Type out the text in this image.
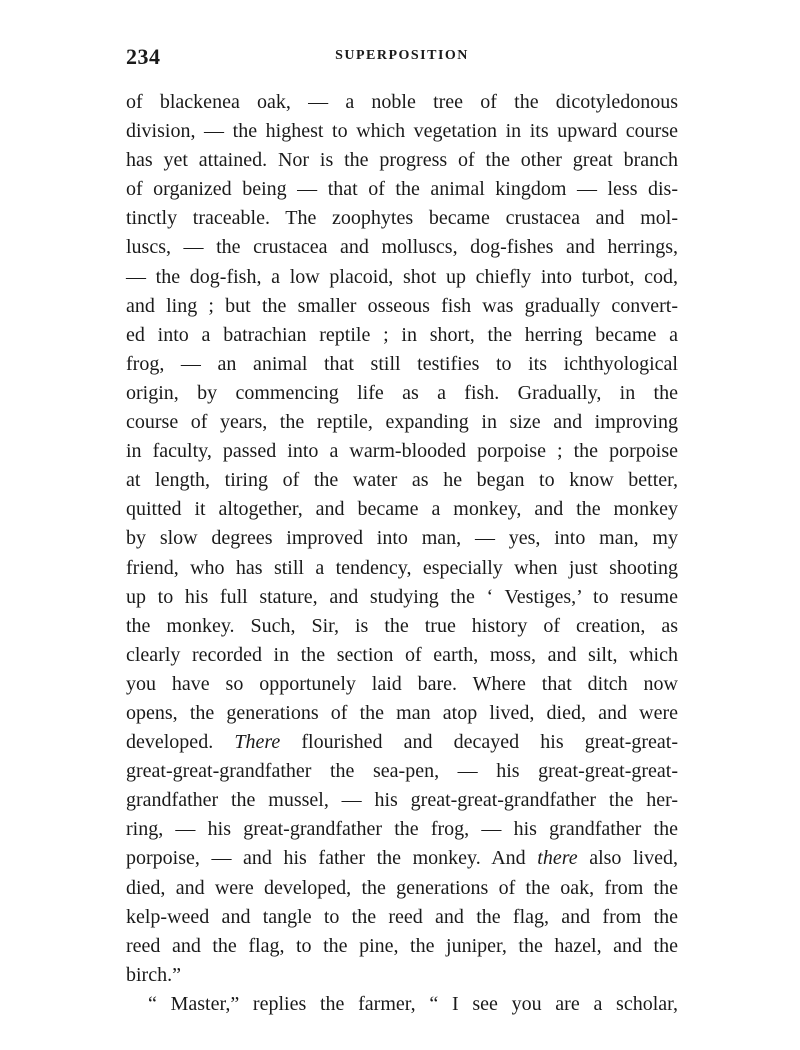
234	SUPERPOSITION
of blackenea oak, — a noble tree of the dicotyledonous
division, — the highest to which vegetation in its upward course
has yet attained. Nor is the progress of the other great branch
of organized being — that of the animal kingdom — less dis-
tinctly traceable. The zoophytes became crustacea and mol-
luscs, — the crustacea and molluscs, dog-fishes and herrings,
— the dog-fish, a low placoid, shot up chiefly into turbot, cod,
and ling ; but the smaller osseous fish was gradually convert-
ed into a batrachian reptile ; in short, the herring became a
frog, — an animal that still testifies to its ichthyological
origin, by commencing life as a fish. Gradually, in the
course of years, the reptile, expanding in size and improving
in faculty, passed into a warm-blooded porpoise ; the porpoise
at length, tiring of the water as he began to know better,
quitted it altogether, and became a monkey, and the monkey
by slow degrees improved into man, — yes, into man, my
friend, who has still a tendency, especially when just shooting
up to his full stature, and studying the ‘ Vestiges,’ to resume
the monkey. Such, Sir, is the true history of creation, as
clearly recorded in the section of earth, moss, and silt, which
you have so opportunely laid bare. Where that ditch now
opens, the generations of the man atop lived, died, and were
developed. There flourished and decayed his great-great-
great-great-grandfather the sea-pen, — his great-great-great-
grandfather the mussel, — his great-great-grandfather the her-
ring, — his great-grandfather the frog, — his grandfather the
porpoise, — and his father the monkey. And there also lived,
died, and were developed, the generations of the oak, from the
kelp-weed and tangle to the reed and the flag, and from the
reed and the flag, to the pine, the juniper, the hazel, and the
birch.”
“ Master,” replies the farmer, “ I see you are a scholar,
